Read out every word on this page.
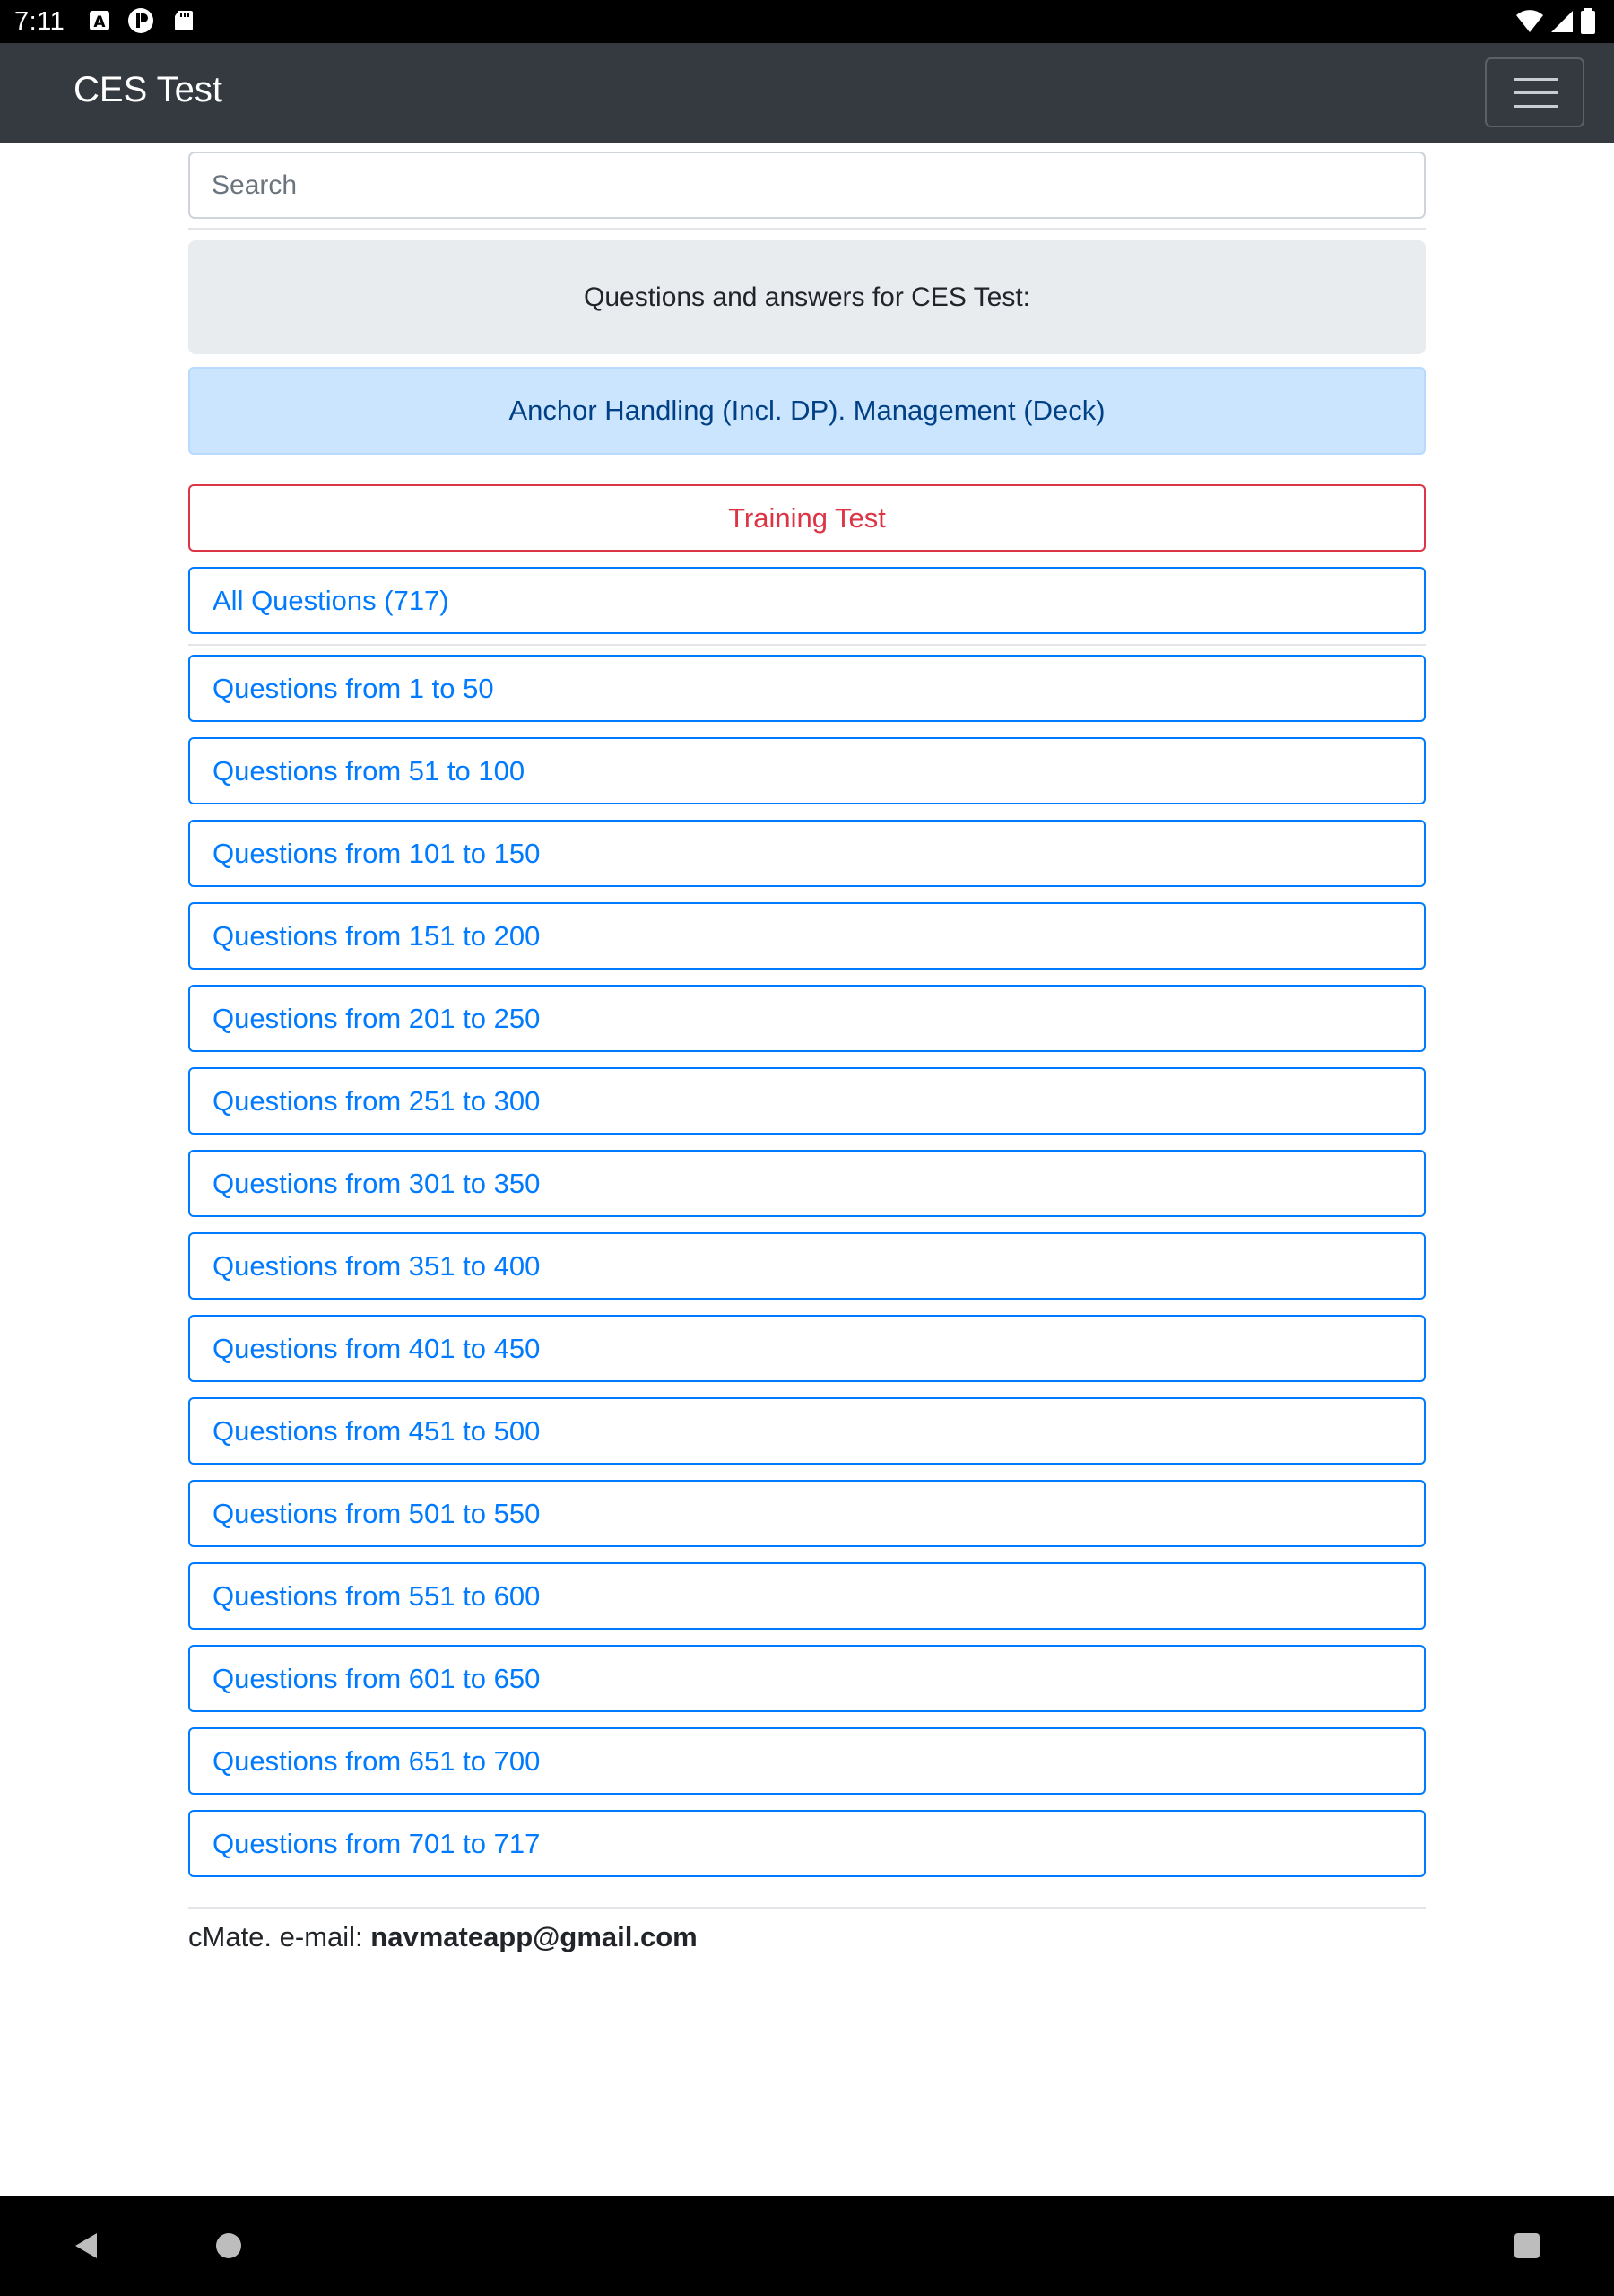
7:11 A
CES Test
Search
Questions and answers for CES Test:
Anchor Handling (Incl. DP). Management (Deck)
Training Test
All Questions (717)
Questions from 1 to 50
Questions from 51 to 100
Questions from 101 to 150
Questions from 151 to 200
Questions from 201 to 250
Questions from 251 to 300
Questions from 301 to 350
Questions from 351 to 400
Questions from 401 to 450
Questions from 451 to 500
Questions from 501 to 550
Questions from 551 to 600
Questions from 601 to 650
Questions from 651 to 700
Questions from 701 to 717
cMate. e-mail: navmateapp@gmail.com
